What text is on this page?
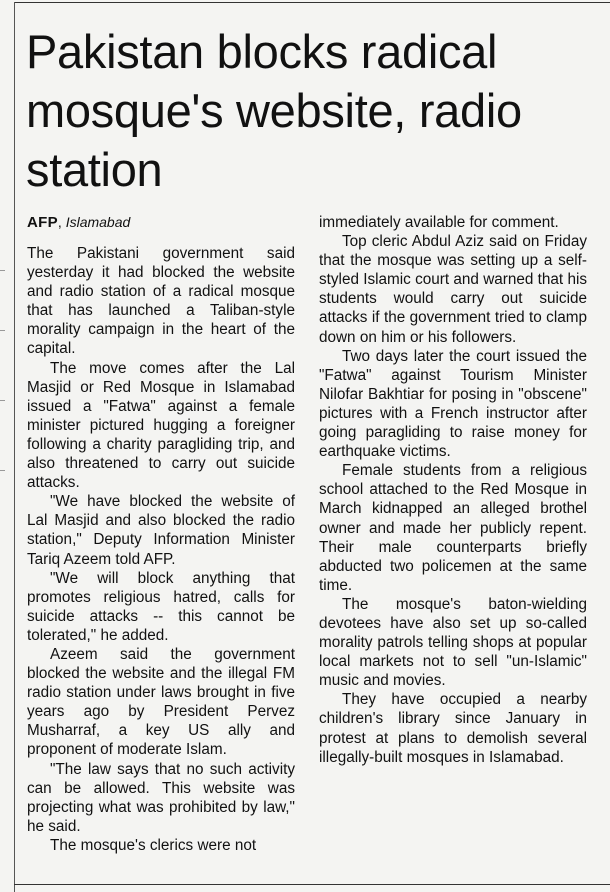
Pakistan blocks radical mosque's website, radio station

AFP, Islamabad

The Pakistani government said yesterday it had blocked the website and radio station of a radical mosque that has launched a Taliban-style morality campaign in the heart of the capital.

The move comes after the Lal Masjid or Red Mosque in Islamabad issued a "Fatwa" against a female minister pictured hugging a foreigner following a charity paragliding trip, and also threatened to carry out suicide attacks.

"We have blocked the website of Lal Masjid and also blocked the radio station," Deputy Information Minister Tariq Azeem told AFP.

"We will block anything that promotes religious hatred, calls for suicide attacks -- this cannot be tolerated," he added.

Azeem said the government blocked the website and the illegal FM radio station under laws brought in five years ago by President Pervez Musharraf, a key US ally and proponent of moderate Islam.

"The law says that no such activity can be allowed. This website was projecting what was prohibited by law," he said.

The mosque's clerics were not

immediately available for comment.

Top cleric Abdul Aziz said on Friday that the mosque was setting up a self-styled Islamic court and warned that his students would carry out suicide attacks if the government tried to clamp down on him or his followers.

Two days later the court issued the "Fatwa" against Tourism Minister Nilofar Bakhtiar for posing in "obscene" pictures with a French instructor after going paragliding to raise money for earthquake victims.

Female students from a religious school attached to the Red Mosque in March kidnapped an alleged brothel owner and made her publicly repent. Their male counterparts briefly abducted two policemen at the same time.

The mosque's baton-wielding devotees have also set up so-called morality patrols telling shops at popular local markets not to sell "un-Islamic" music and movies.

They have occupied a nearby children's library since January in protest at plans to demolish several illegally-built mosques in Islamabad.
